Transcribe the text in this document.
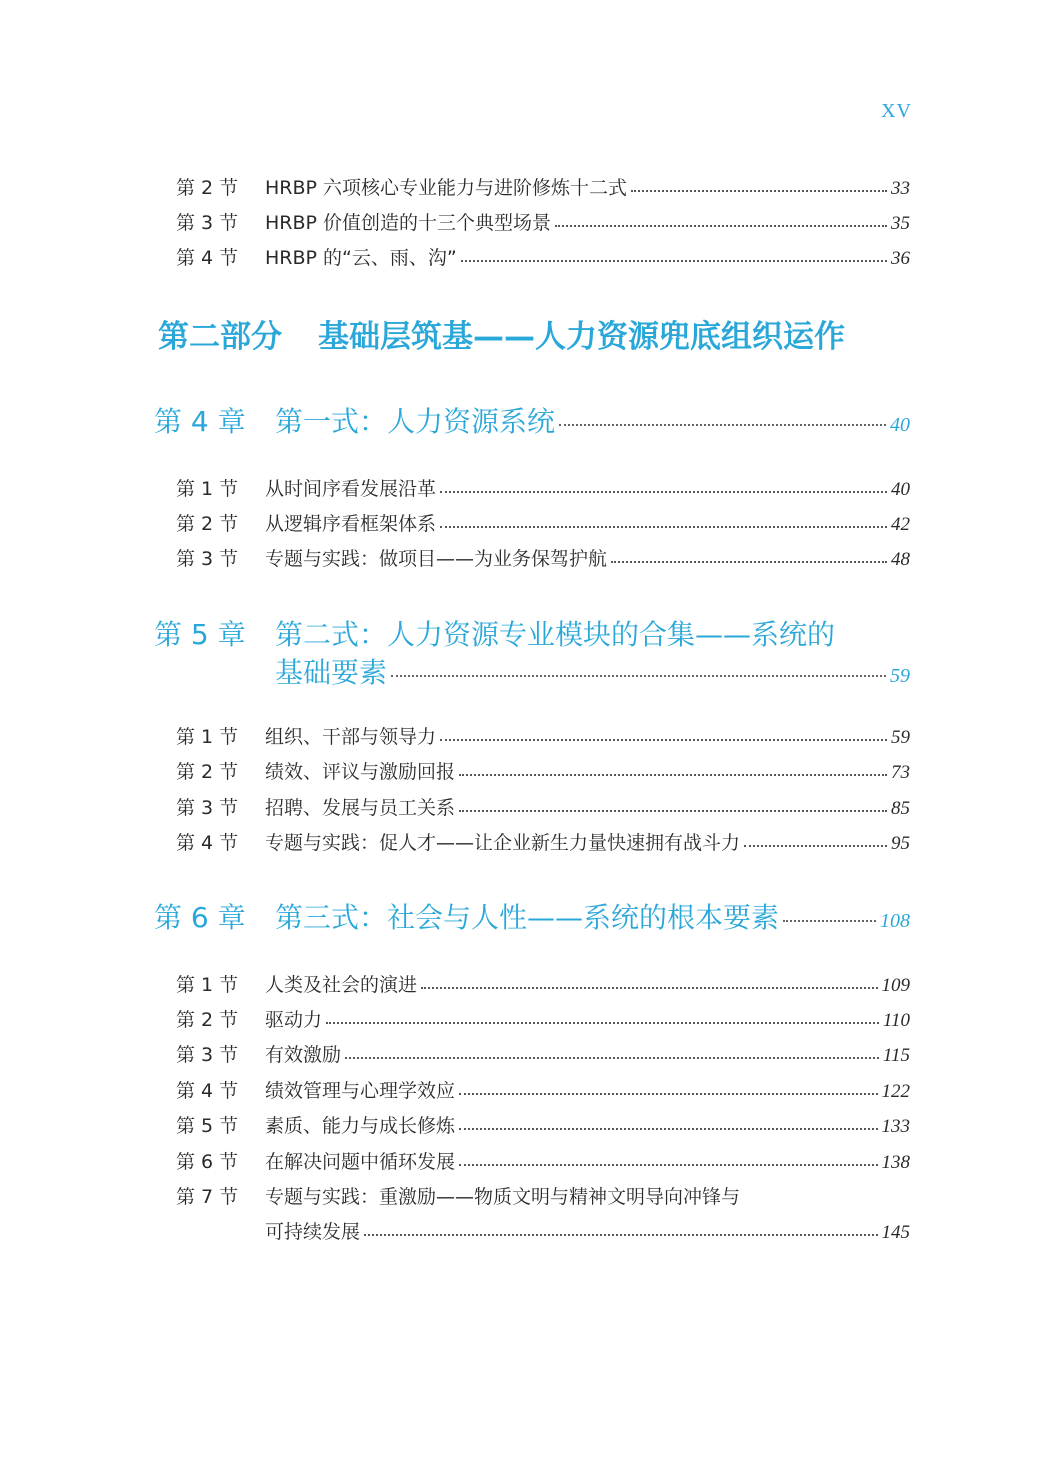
XV
第 2 节	HRBP 六项核心专业能力与进阶修炼十二式	33
第 3 节	HRBP 价值创造的十三个典型场景	35
第 4 节	HRBP 的“云、雨、沟”	36
第二部分 基础层筑基——人力资源兜底组织运作
第 4 章	第一式：人力资源系统	40
第 1 节	从时间序看发展沿革	40
第 2 节	从逻辑序看框架体系	42
第 3 节	专题与实践：做项目——为业务保驾护航	48
第 5 章	第二式：人力资源专业模块的合集——系统的
基础要素	59
第 1 节	组织、干部与领导力	59
第 2 节	绩效、评议与激励回报	73
第 3 节	招聘、发展与员工关系	85
第 4 节	专题与实践：促人才——让企业新生力量快速拥有战斗力	95
第 6 章	第三式：社会与人性——系统的根本要素	108
第 1 节	人类及社会的演进	109
第 2 节	驱动力	110
第 3 节	有效激励	115
第 4 节	绩效管理与心理学效应	122
第 5 节	素质、能力与成长修炼	133
第 6 节	在解决问题中循环发展	138
第 7 节	专题与实践：重激励——物质文明与精神文明导向冲锋与
可持续发展	145
